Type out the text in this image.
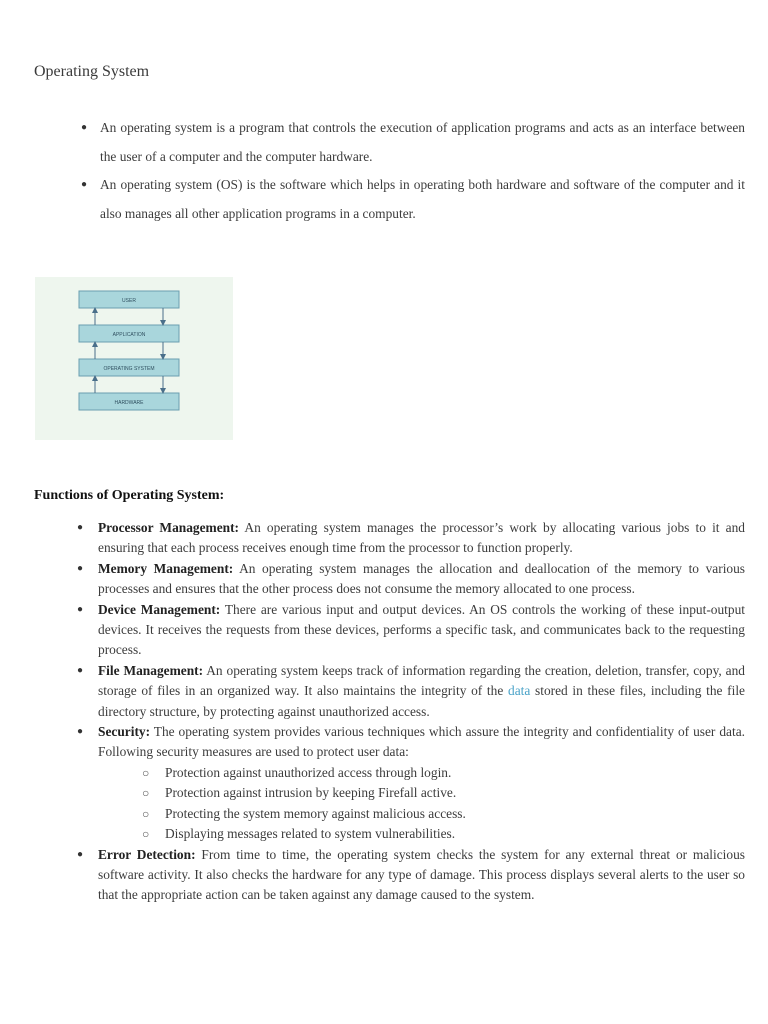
Operating System
● An operating system is a program that controls the execution of application programs and acts as an interface between the user of a computer and the computer hardware.
● An operating system (OS) is the software which helps in operating both hardware and software of the computer and it also manages all other application programs in a computer.
USER
APPLICATION
OPERATING SYSTEM
HARDWARE
Functions of Operating System:
● Processor Management: An operating system manages the processor’s work by allocating various jobs to it and ensuring that each process receives enough time from the processor to function properly.
● Memory Management: An operating system manages the allocation and deallocation of the memory to various processes and ensures that the other process does not consume the memory allocated to one process.
● Device Management: There are various input and output devices. An OS controls the working of these input-output devices. It receives the requests from these devices, performs a specific task, and communicates back to the requesting process.
● File Management: An operating system keeps track of information regarding the creation, deletion, transfer, copy, and storage of files in an organized way. It also maintains the integrity of the data stored in these files, including the file directory structure, by protecting against unauthorized access.
● Security: The operating system provides various techniques which assure the integrity and confidentiality of user data. Following security measures are used to protect user data:
○ Protection against unauthorized access through login.
○ Protection against intrusion by keeping Firefall active.
○ Protecting the system memory against malicious access.
○ Displaying messages related to system vulnerabilities.
● Error Detection: From time to time, the operating system checks the system for any external threat or malicious software activity. It also checks the hardware for any type of damage. This process displays several alerts to the user so that the appropriate action can be taken against any damage caused to the system.
